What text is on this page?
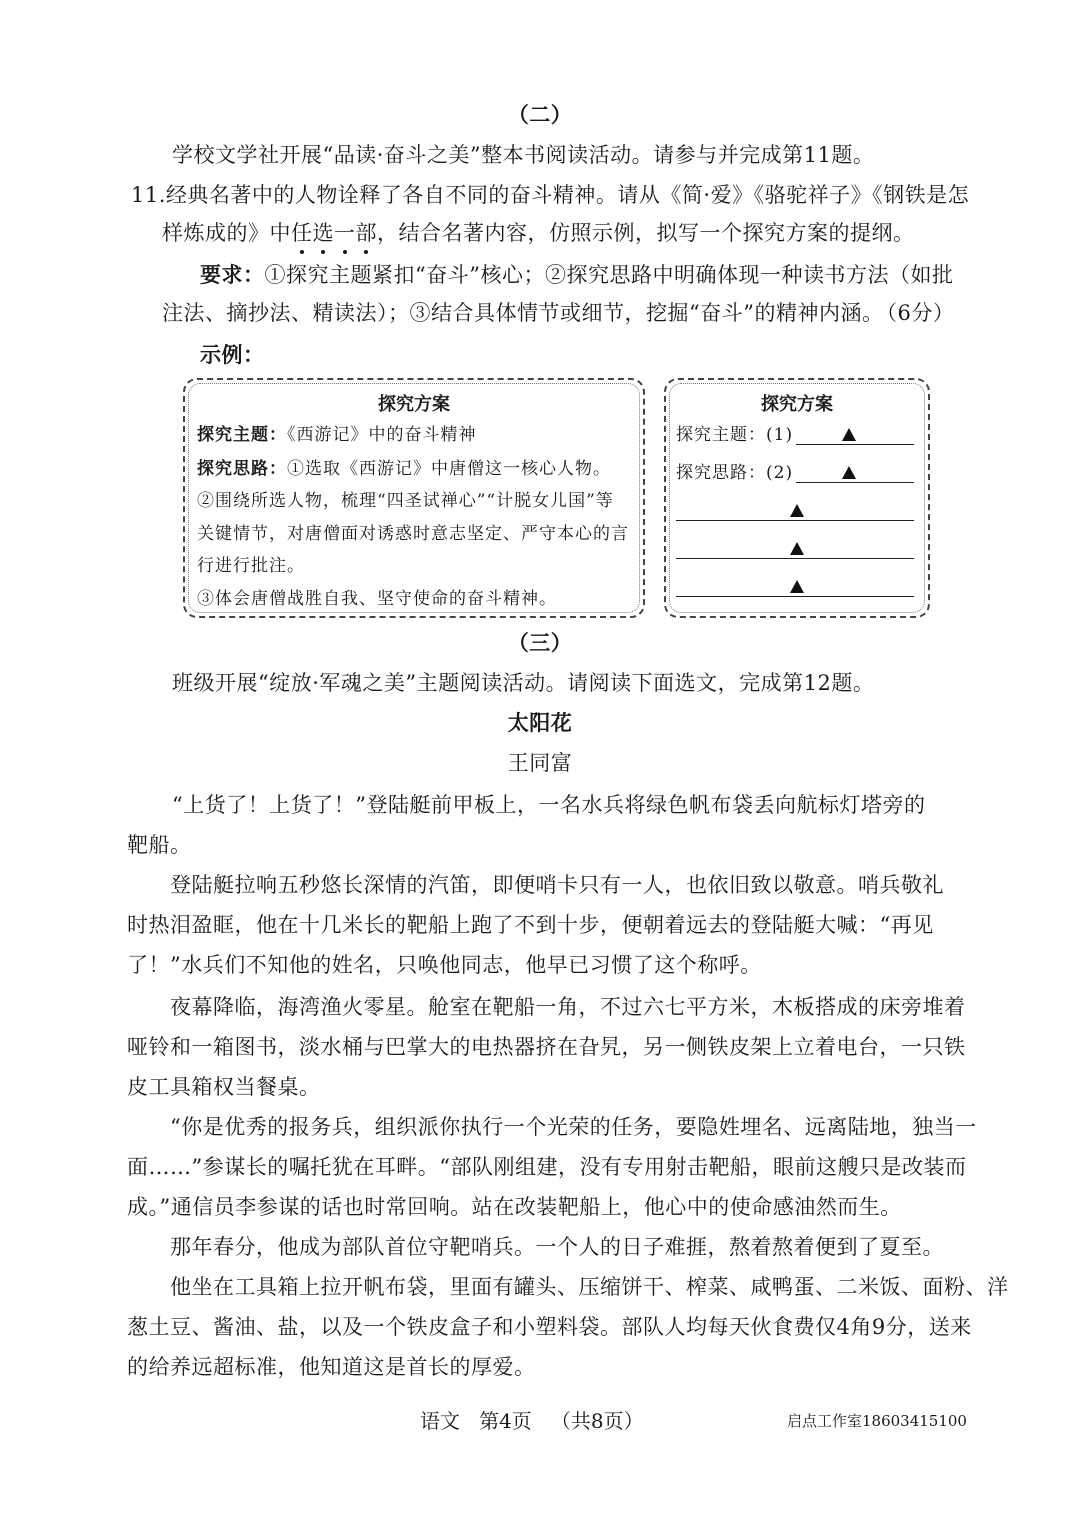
（二）
学校文学社开展“品读·奋斗之美”整本书阅读活动。请参与并完成第11题。
11.经典名著中的人物诠释了各自不同的奋斗精神。请从《简·爱》《骆驼祥子》《钢铁是怎
样炼成的》中任选一部，结合名著内容，仿照示例，拟写一个探究方案的提纲。
要求：①探究主题紧扣“奋斗”核心；②探究思路中明确体现一种读书方法（如批
注法、摘抄法、精读法）；③结合具体情节或细节，挖掘“奋斗”的精神内涵。
（6分）
示例：
探究方案
探究主题：《西游记》中的奋斗精神
探究思路：①选取《西游记》中唐僧这一核心人物。
②围绕所选人物，梳理“四圣试禅心”“计脱女儿国”等
关键情节，对唐僧面对诱惑时意志坚定、严守本心的言
行进行批注。
③体会唐僧战胜自我、坚守使命的奋斗精神。
探究方案
探究主题：(1)
探究思路：(2)
（三）
班级开展“绽放·军魂之美”主题阅读活动。请阅读下面选文，完成第12题。
太阳花
王同富
“上货了！上货了！”登陆艇前甲板上，一名水兵将绿色帆布袋丢向航标灯塔旁的
靶船。
　　登陆艇拉响五秒悠长深情的汽笛，即便哨卡只有一人，也依旧致以敬意。哨兵敬礼
时热泪盈眶，他在十几米长的靶船上跑了不到十步，便朝着远去的登陆艇大喊：“再见
了！”水兵们不知他的姓名，只唤他同志，他早已习惯了这个称呼。
　　夜幕降临，海湾渔火零星。舱室在靶船一角，不过六七平方米，木板搭成的床旁堆着
哑铃和一箱图书，淡水桶与巴掌大的电热器挤在旮旯，另一侧铁皮架上立着电台，一只铁
皮工具箱权当餐桌。
　　“你是优秀的报务兵，组织派你执行一个光荣的任务，要隐姓埋名、远离陆地，独当一
面……”参谋长的嘱托犹在耳畔。“部队刚组建，没有专用射击靶船，眼前这艘只是改装而
成。”通信员李参谋的话也时常回响。站在改装靶船上，他心中的使命感油然而生。
　　那年春分，他成为部队首位守靶哨兵。一个人的日子难捱，熬着熬着便到了夏至。
　　他坐在工具箱上拉开帆布袋，里面有罐头、压缩饼干、榨菜、咸鸭蛋、二米饭、面粉、洋
葱土豆、酱油、盐，以及一个铁皮盒子和小塑料袋。部队人均每天伙食费仅4角9分，送来
的给养远超标准，他知道这是首长的厚爱。
语文 第4页 （共8页）	启点工作室18603415100
